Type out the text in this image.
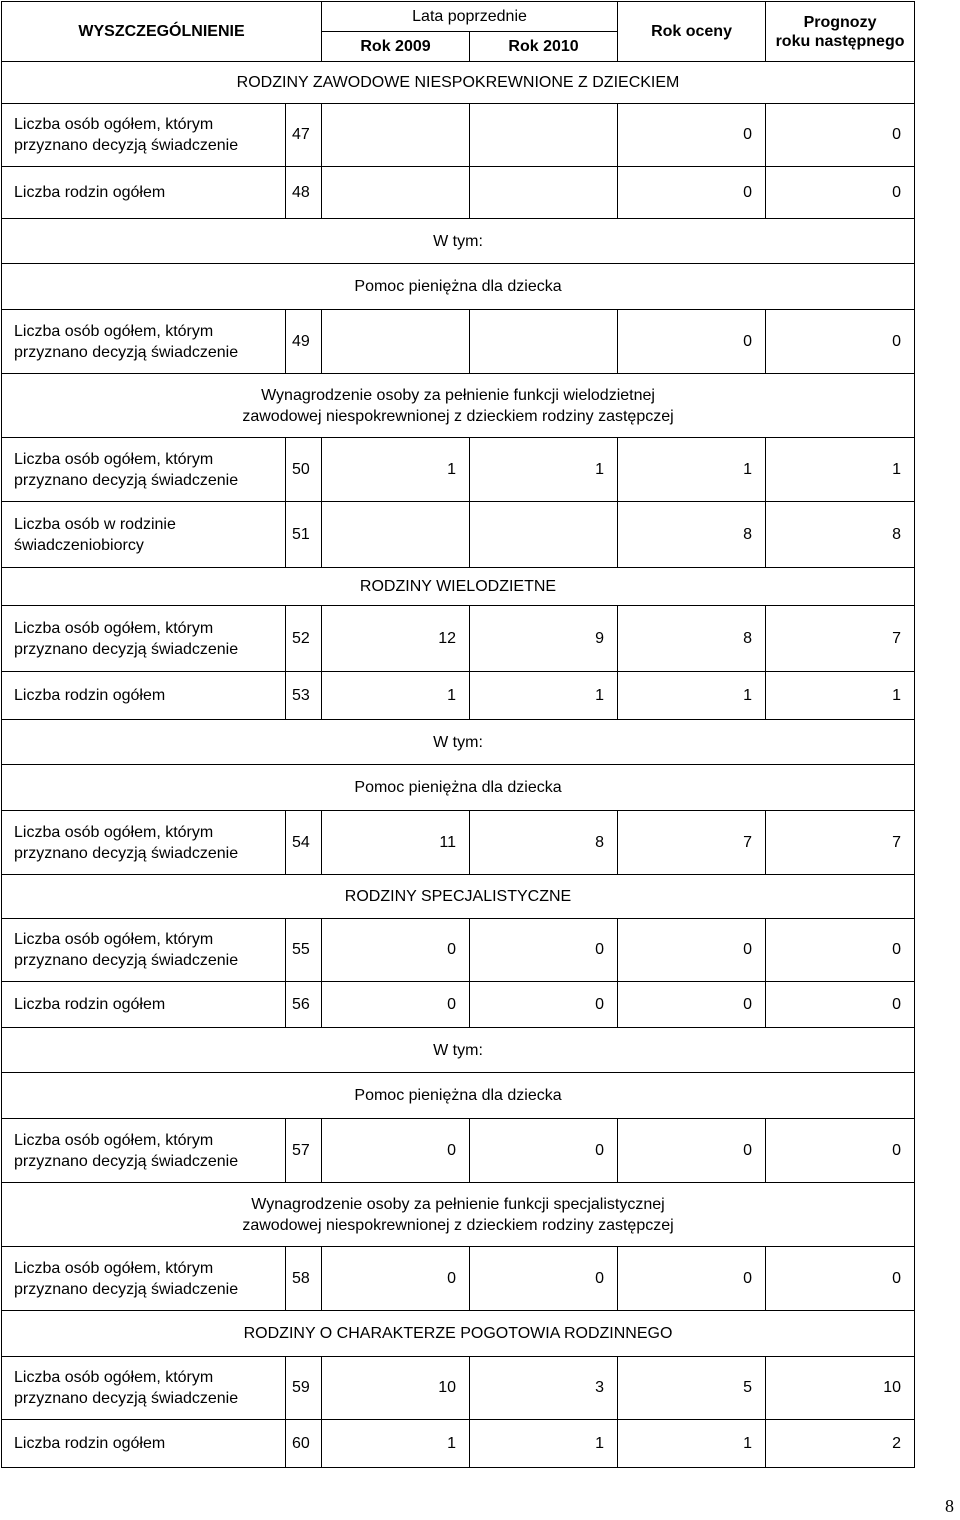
WYSZCZEGÓLNIENIE		Lata poprzednie		Rok oceny	Prognozy
roku następnego
		Rok 2009	Rok 2010		
RODZINY ZAWODOWE NIESPOKREWNIONE Z DZIECKIEM					
Liczba osób ogółem, którym
przyznano decyzją świadczenie	47			0	0
Liczba rodzin ogółem	48			0	0
W tym:					
Pomoc pieniężna dla dziecka					
Liczba osób ogółem, którym
przyznano decyzją świadczenie	49			0	0
Wynagrodzenie osoby za pełnienie funkcji wielodzietnej
zawodowej niespokrewnionej z dzieckiem rodziny zastępczej					
Liczba osób ogółem, którym
przyznano decyzją świadczenie	50	1	1	1	1
Liczba osób w rodzinie
świadczeniobiorcy	51			8	8
RODZINY WIELODZIETNE					
Liczba osób ogółem, którym
przyznano decyzją świadczenie	52	12	9	8	7
Liczba rodzin ogółem	53	1	1	1	1
W tym:					
Pomoc pieniężna dla dziecka					
Liczba osób ogółem, którym
przyznano decyzją świadczenie	54	11	8	7	7
RODZINY SPECJALISTYCZNE					
Liczba osób ogółem, którym
przyznano decyzją świadczenie	55	0	0	0	0
Liczba rodzin ogółem	56	0	0	0	0
W tym:					
Pomoc pieniężna dla dziecka					
Liczba osób ogółem, którym
przyznano decyzją świadczenie	57	0	0	0	0
Wynagrodzenie osoby za pełnienie funkcji specjalistycznej
zawodowej niespokrewnionej z dzieckiem rodziny zastępczej					
Liczba osób ogółem, którym
przyznano decyzją świadczenie	58	0	0	0	0
RODZINY O CHARAKTERZE POGOTOWIA RODZINNEGO					
Liczba osób ogółem, którym
przyznano decyzją świadczenie	59	10	3	5	10
Liczba rodzin ogółem	60	1	1	1	2
8
